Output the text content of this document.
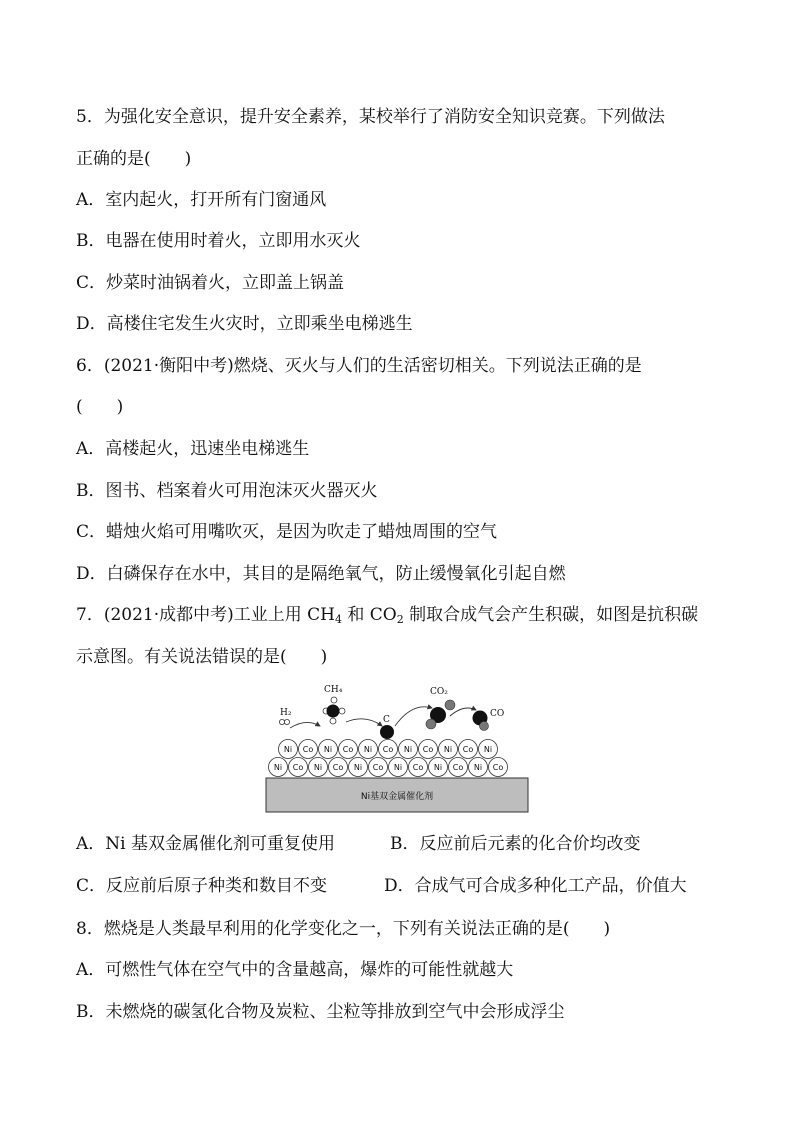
5．为强化安全意识，提升安全素养，某校举行了消防安全知识竞赛。下列做法
正确的是(　　)
A．室内起火，打开所有门窗通风
B．电器在使用时着火，立即用水灭火
C．炒菜时油锅着火，立即盖上锅盖
D．高楼住宅发生火灾时，立即乘坐电梯逃生
6．(2021·衡阳中考)燃烧、灭火与人们的生活密切相关。下列说法正确的是
(　　)
A．高楼起火，迅速坐电梯逃生
B．图书、档案着火可用泡沫灭火器灭火
C．蜡烛火焰可用嘴吹灭，是因为吹走了蜡烛周围的空气
D．白磷保存在水中，其目的是隔绝氧气，防止缓慢氧化引起自燃
7．(2021·成都中考)工业上用 $CH_4$ 和 $CO_2$ 制取合成气会产生积碳，如图是抗积碳
示意图。有关说法错误的是(　　)
Ni基双金属催化剂
Ni Co Ni Co Ni Co Ni Co Ni Co Ni Co
Ni Co Ni Co Ni Co Ni Co Ni Co Ni
H₂
CH₄
C
CO₂
CO
A．Ni 基双金属催化剂可重复使用	B．反应前后元素的化合价均改变
C．反应前后原子种类和数目不变	D．合成气可合成多种化工产品，价值大
8．燃烧是人类最早利用的化学变化之一，下列有关说法正确的是(　　)
A．可燃性气体在空气中的含量越高，爆炸的可能性就越大
B．未燃烧的碳氢化合物及炭粒、尘粒等排放到空气中会形成浮尘
